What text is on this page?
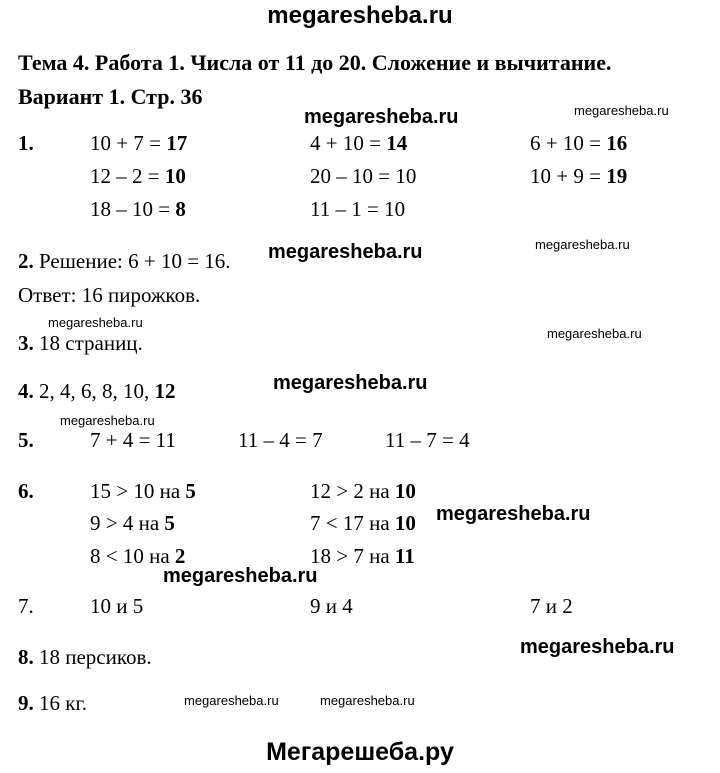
megaresheba.ru
Тема 4. Работа 1. Числа от 11 до 20. Сложение и вычитание.
Вариант 1. Стр. 36
1.	10 + 7 = 17	4 + 10 = 14	6 + 10 = 16
12 – 2 = 10	20 – 10 = 10	10 + 9 = 19
18 – 10 = 8	11 – 1 = 10
2. Решение: 6 + 10 = 16.
Ответ: 16 пирожков.
3. 18 страниц.
4. 2, 4, 6, 8, 10, 12
5.	7 + 4 = 11	11 – 4 = 7	11 – 7 = 4
6.	15 > 10 на 5	12 > 2 на 10
9 > 4 на 5	7 < 17 на 10
8 < 10 на 2	18 > 7 на 11
7.	10 и 5	9 и 4	7 и 2
8. 18 персиков.
9. 16 кг.
megaresheba.ru
megaresheba.ru
megaresheba.ru
megaresheba.ru
megaresheba.ru
megaresheba.ru
megaresheba.ru
megaresheba.ru
megaresheba.ru
megaresheba.ru
megaresheba.ru
megaresheba.ru	megaresheba.ru
Мегарешеба.ру
